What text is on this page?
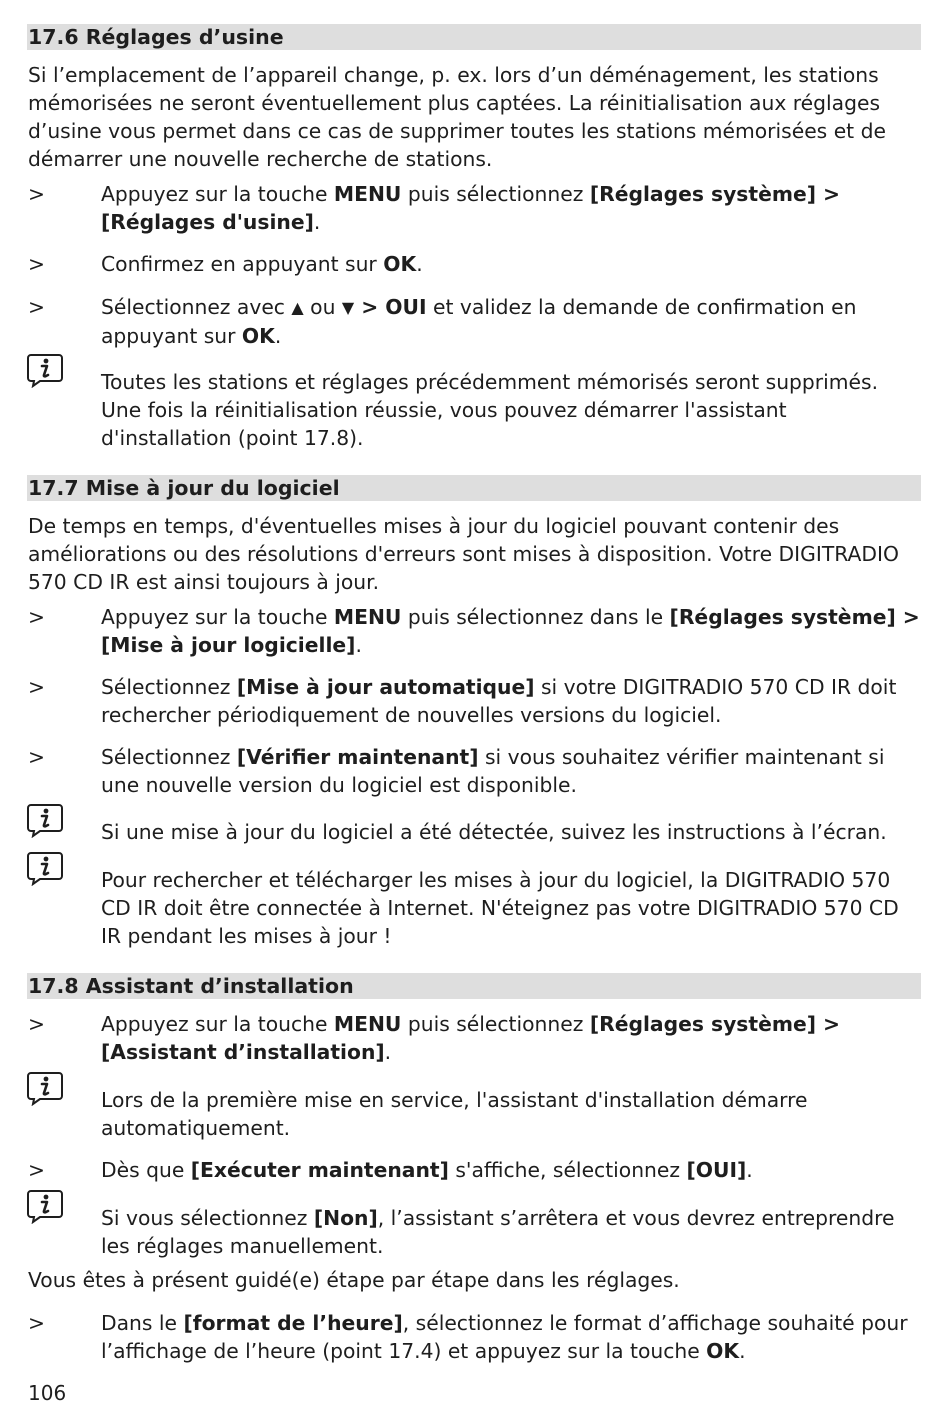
17.6 Réglages d’usine

Si l’emplacement de l’appareil change, p. ex. lors d’un déménagement, les stations mémorisées ne seront éventuellement plus captées. La réinitialisation aux réglages d’usine vous permet dans ce cas de supprimer toutes les stations mémorisées et de démarrer une nouvelle recherche de stations.

>	Appuyez sur la touche MENU puis sélectionnez [Réglages système] > [Réglages d'usine].

>	Confirmez en appuyant sur OK.

>	Sélectionnez avec ▲ ou ▼ > OUI et validez la demande de confirmation en appuyant sur OK.

Toutes les stations et réglages précédemment mémorisés seront supprimés. Une fois la réinitialisation réussie, vous pouvez démarrer l'assistant d'installation (point 17.8).

17.7 Mise à jour du logiciel

De temps en temps, d'éventuelles mises à jour du logiciel pouvant contenir des améliorations ou des résolutions d'erreurs sont mises à disposition. Votre DIGITRADIO 570 CD IR est ainsi toujours à jour.

>	Appuyez sur la touche MENU puis sélectionnez dans le [Réglages système] > [Mise à jour logicielle].

>	Sélectionnez [Mise à jour automatique] si votre DIGITRADIO 570 CD IR doit rechercher périodiquement de nouvelles versions du logiciel.

>	Sélectionnez [Vérifier maintenant] si vous souhaitez vérifier maintenant si une nouvelle version du logiciel est disponible.

Si une mise à jour du logiciel a été détectée, suivez les instructions à l’écran.

Pour rechercher et télécharger les mises à jour du logiciel, la DIGITRADIO 570 CD IR doit être connectée à Internet. N'éteignez pas votre DIGITRADIO 570 CD IR pendant les mises à jour !

17.8 Assistant d’installation
>	Appuyez sur la touche MENU puis sélectionnez [Réglages système] > [Assistant d’installation].

Lors de la première mise en service, l'assistant d'installation démarre automatiquement.

>	Dès que [Exécuter maintenant] s'affiche, sélectionnez [OUI].

Si vous sélectionnez [Non], l’assistant s’arrêtera et vous devrez entreprendre les réglages manuellement.

Vous êtes à présent guidé(e) étape par étape dans les réglages.

>	Dans le [format de l’heure], sélectionnez le format d’affichage souhaité pour l’affichage de l’heure (point 17.4) et appuyez sur la touche OK.

106
